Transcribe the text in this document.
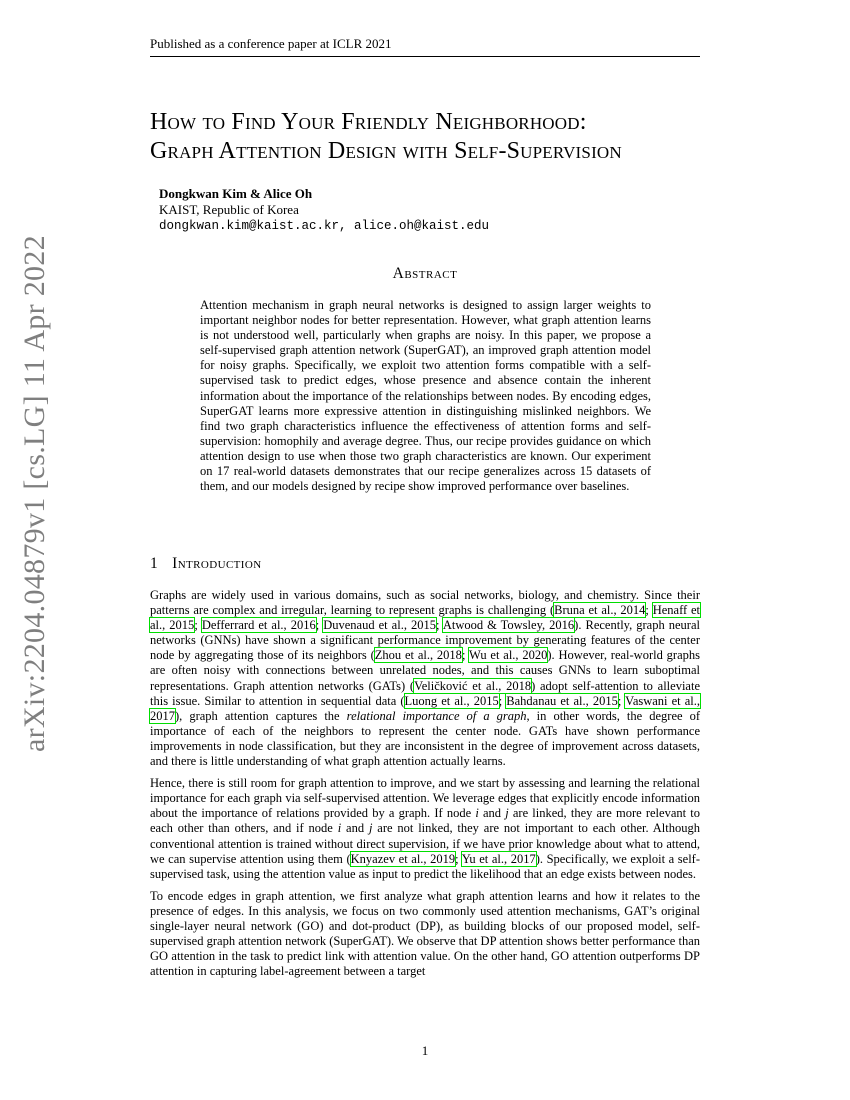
Published as a conference paper at ICLR 2021
arXiv:2204.04879v1 [cs.LG] 11 Apr 2022
How to Find Your Friendly Neighborhood:
Graph Attention Design with Self-Supervision
Dongkwan Kim & Alice Oh
KAIST, Republic of Korea
dongkwan.kim@kaist.ac.kr, alice.oh@kaist.edu
Abstract

Attention mechanism in graph neural networks is designed to assign larger weights to important neighbor nodes for better representation. However, what graph attention learns is not understood well, particularly when graphs are noisy. In this paper, we propose a self-supervised graph attention network (SuperGAT), an improved graph attention model for noisy graphs. Specifically, we exploit two attention forms compatible with a self-supervised task to predict edges, whose presence and absence contain the inherent information about the importance of the relationships between nodes. By encoding edges, SuperGAT learns more expressive attention in distinguishing mislinked neighbors. We find two graph characteristics influence the effectiveness of attention forms and self-supervision: homophily and average degree. Thus, our recipe provides guidance on which attention design to use when those two graph characteristics are known. Our experiment on 17 real-world datasets demonstrates that our recipe generalizes across 15 datasets of them, and our models designed by recipe show improved performance over baselines.

1 Introduction

Graphs are widely used in various domains, such as social networks, biology, and chemistry. Since their patterns are complex and irregular, learning to represent graphs is challenging (Bruna et al., 2014; Henaff et al., 2015; Defferrard et al., 2016; Duvenaud et al., 2015; Atwood & Towsley, 2016). Recently, graph neural networks (GNNs) have shown a significant performance improvement by generating features of the center node by aggregating those of its neighbors (Zhou et al., 2018; Wu et al., 2020). However, real-world graphs are often noisy with connections between unrelated nodes, and this causes GNNs to learn suboptimal representations. Graph attention networks (GATs) (Veličković et al., 2018) adopt self-attention to alleviate this issue. Similar to attention in sequential data (Luong et al., 2015; Bahdanau et al., 2015; Vaswani et al., 2017), graph attention captures the relational importance of a graph, in other words, the degree of importance of each of the neighbors to represent the center node. GATs have shown performance improvements in node classification, but they are inconsistent in the degree of improvement across datasets, and there is little understanding of what graph attention actually learns.

Hence, there is still room for graph attention to improve, and we start by assessing and learning the relational importance for each graph via self-supervised attention. We leverage edges that explicitly encode information about the importance of relations provided by a graph. If node i and j are linked, they are more relevant to each other than others, and if node i and j are not linked, they are not important to each other. Although conventional attention is trained without direct supervision, if we have prior knowledge about what to attend, we can supervise attention using them (Knyazev et al., 2019; Yu et al., 2017). Specifically, we exploit a self-supervised task, using the attention value as input to predict the likelihood that an edge exists between nodes.

To encode edges in graph attention, we first analyze what graph attention learns and how it relates to the presence of edges. In this analysis, we focus on two commonly used attention mechanisms, GAT’s original single-layer neural network (GO) and dot-product (DP), as building blocks of our proposed model, self-supervised graph attention network (SuperGAT). We observe that DP attention shows better performance than GO attention in the task to predict link with attention value. On the other hand, GO attention outperforms DP attention in capturing label-agreement between a target

1
